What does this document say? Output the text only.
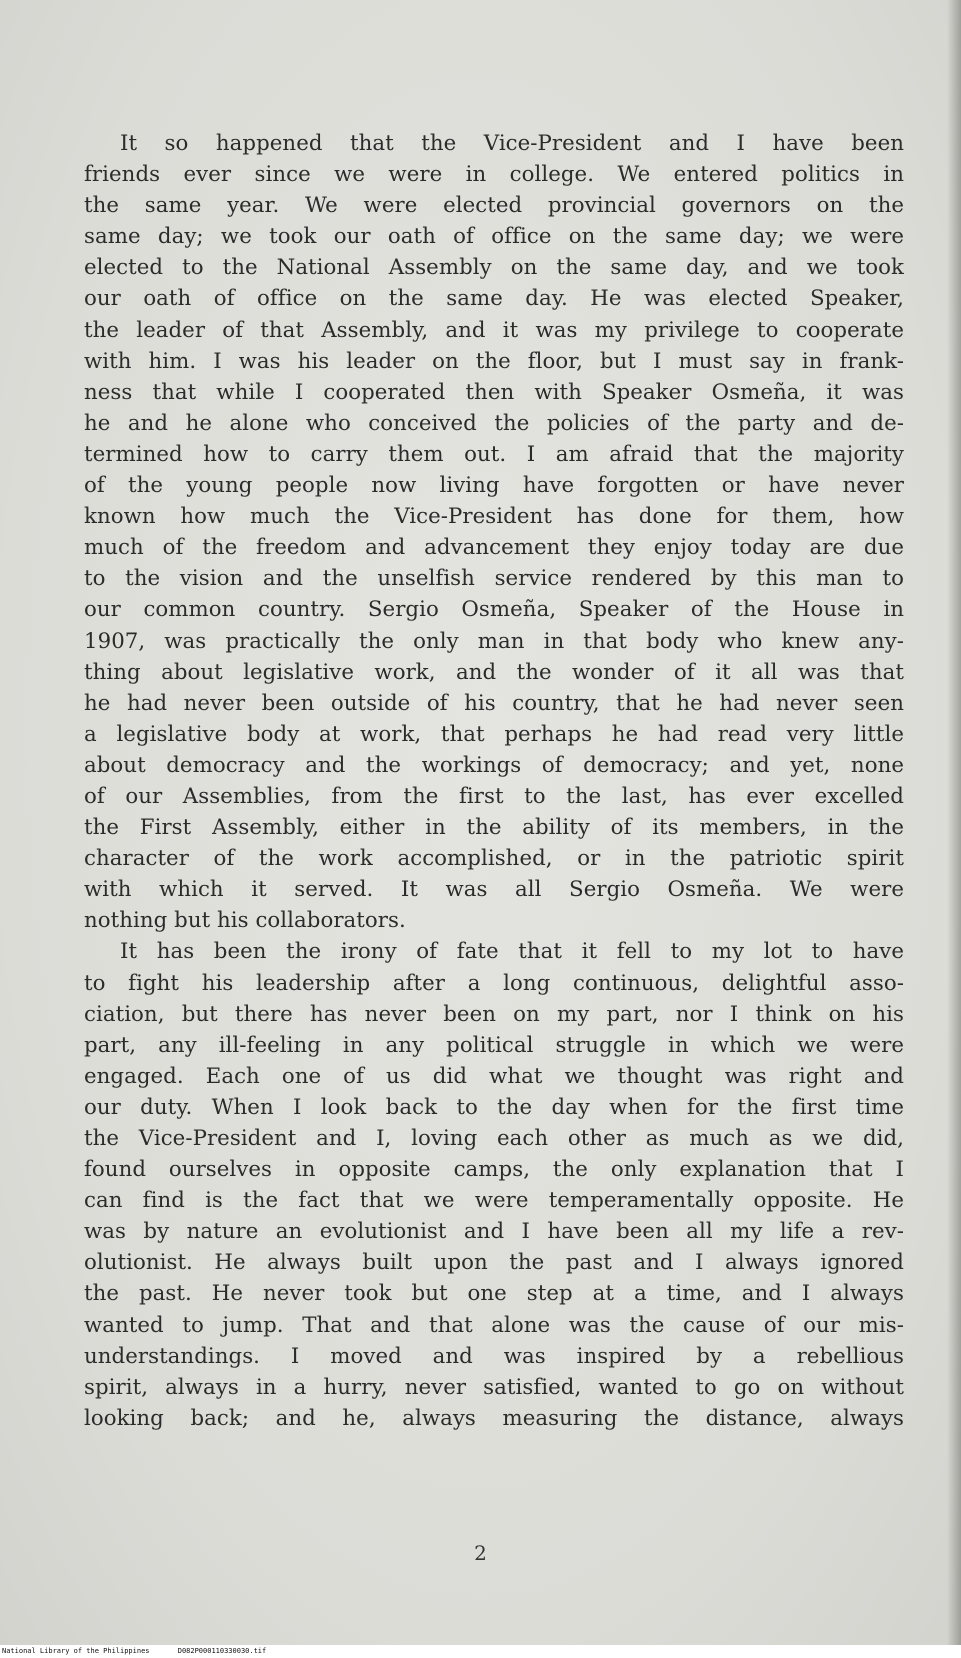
It so happened that the Vice-President and I have been
friends ever since we were in college. We entered politics in
the same year. We were elected provincial governors on the
same day; we took our oath of office on the same day; we were
elected to the National Assembly on the same day, and we took
our oath of office on the same day. He was elected Speaker,
the leader of that Assembly, and it was my privilege to cooperate
with him. I was his leader on the floor, but I must say in frank-
ness that while I cooperated then with Speaker Osmeña, it was
he and he alone who conceived the policies of the party and de-
termined how to carry them out. I am afraid that the majority
of the young people now living have forgotten or have never
known how much the Vice-President has done for them, how
much of the freedom and advancement they enjoy today are due
to the vision and the unselfish service rendered by this man to
our common country. Sergio Osmeña, Speaker of the House in
1907, was practically the only man in that body who knew any-
thing about legislative work, and the wonder of it all was that
he had never been outside of his country, that he had never seen
a legislative body at work, that perhaps he had read very little
about democracy and the workings of democracy; and yet, none
of our Assemblies, from the first to the last, has ever excelled
the First Assembly, either in the ability of its members, in the
character of the work accomplished, or in the patriotic spirit
with which it served. It was all Sergio Osmeña. We were
nothing but his collaborators.
It has been the irony of fate that it fell to my lot to have
to fight his leadership after a long continuous, delightful asso-
ciation, but there has never been on my part, nor I think on his
part, any ill-feeling in any political struggle in which we were
engaged. Each one of us did what we thought was right and
our duty. When I look back to the day when for the first time
the Vice-President and I, loving each other as much as we did,
found ourselves in opposite camps, the only explanation that I
can find is the fact that we were temperamentally opposite. He
was by nature an evolutionist and I have been all my life a rev-
olutionist. He always built upon the past and I always ignored
the past. He never took but one step at a time, and I always
wanted to jump. That and that alone was the cause of our mis-
understandings. I moved and was inspired by a rebellious
spirit, always in a hurry, never satisfied, wanted to go on without
looking back; and he, always measuring the distance, always
2
National Library of the Philippines	D082P000110330030.tif
